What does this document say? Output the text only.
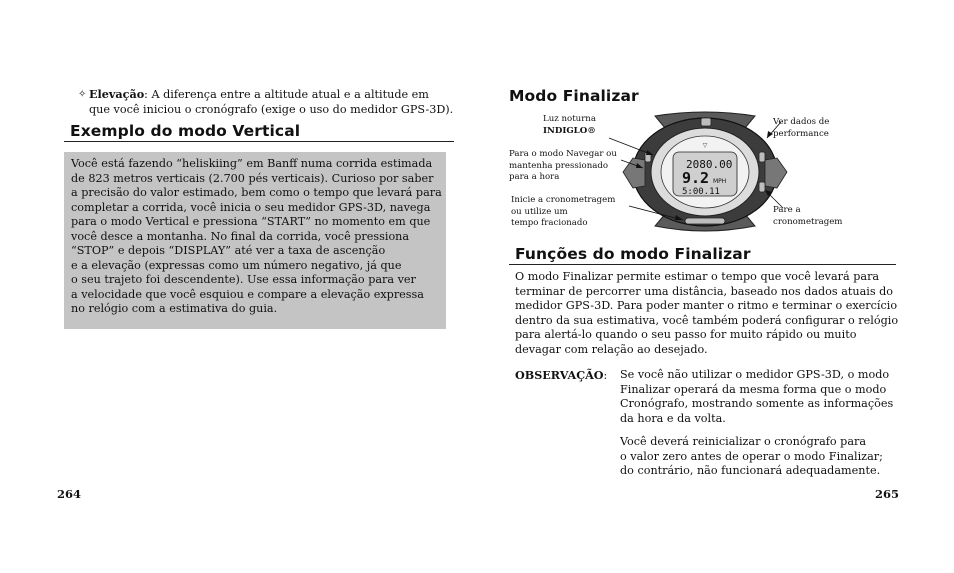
✧ Elevação: A diferença entre a altitude atual e a altitude em
que você iniciou o cronógrafo (exige o uso do medidor GPS-3D).
Exemplo do modo Vertical
Você está fazendo “heliskiing” em Banff numa corrida estimada
de 823 metros verticais (2.700 pés verticais). Curioso por saber
a precisão do valor estimado, bem como o tempo que levará para
completar a corrida, você inicia o seu medidor GPS-3D, navega
para o modo Vertical e pressiona “START” no momento em que
você desce a montanha. No final da corrida, você pressiona
“STOP” e depois “DISPLAY” até ver a taxa de ascenção
e a elevação (expressas como um número negativo, já que
o seu trajeto foi descendente). Use essa informação para ver
a velocidade que você esquiou e compare a elevação expressa
no relógio com a estimativa do guia.
264
Modo Finalizar
▽
2080.00
9.2 MPH
5:00.11
Luz noturna
INDIGLO®
Para o modo Navegar ou
mantenha pressionado
para a hora
Inicie a cronometragem
ou utilize um
tempo fracionado
Ver dados de
performance
Pare a
cronometragem
Funções do modo Finalizar
O modo Finalizar permite estimar o tempo que você levará para
terminar de percorrer uma distância, baseado nos dados atuais do
medidor GPS-3D. Para poder manter o ritmo e terminar o exercício
dentro da sua estimativa, você também poderá configurar o relógio
para alertá-lo quando o seu passo for muito rápido ou muito
devagar com relação ao desejado.
OBSERVAÇÃO: Se você não utilizar o medidor GPS-3D, o modo
Finalizar operará da mesma forma que o modo
Cronógrafo, mostrando somente as informações
da hora e da volta.
Você deverá reinicializar o cronógrafo para
o valor zero antes de operar o modo Finalizar;
do contrário, não funcionará adequadamente.
265
